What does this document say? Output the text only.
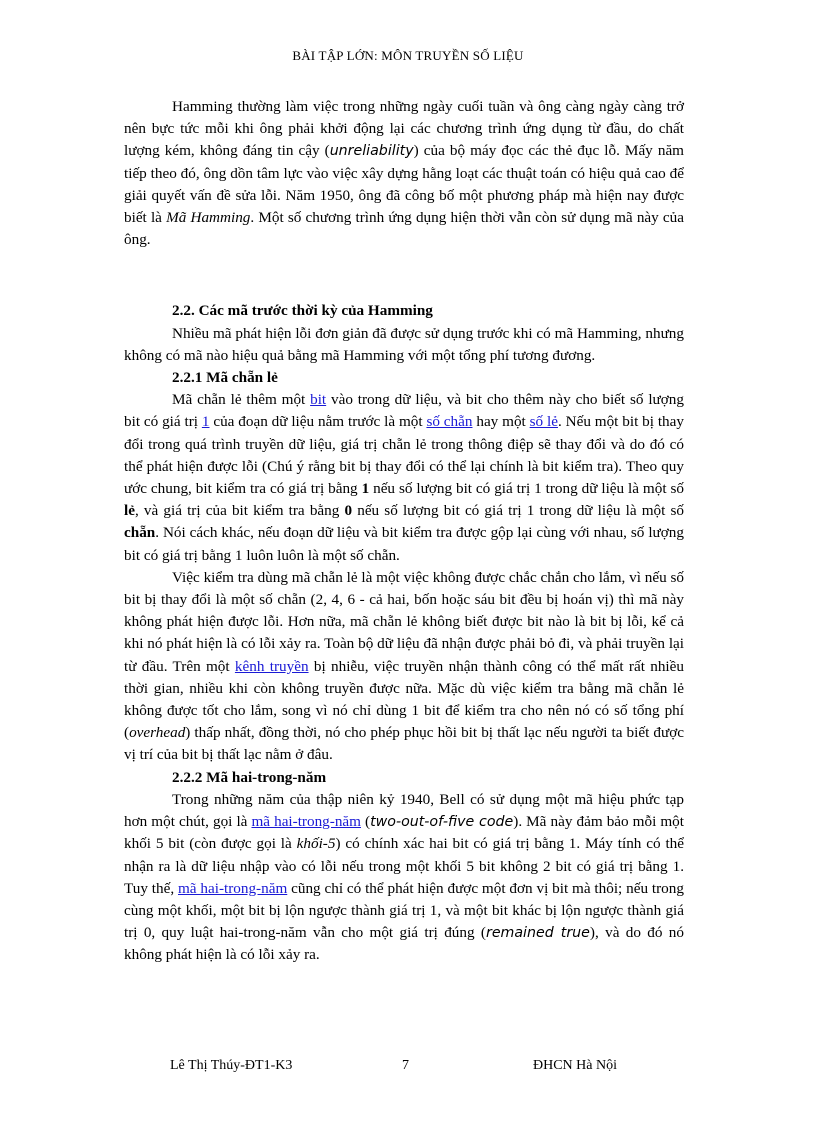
BÀI TẬP LỚN: MÔN TRUYỀN SỐ LIỆU

Hamming thường làm việc trong những ngày cuối tuần và ông càng ngày càng trở nên bực tức mỗi khi ông phải khởi động lại các chương trình ứng dụng từ đầu, do chất lượng kém, không đáng tin cậy (unreliability) của bộ máy đọc các thẻ đục lỗ. Mấy năm tiếp theo đó, ông dồn tâm lực vào việc xây dựng hằng loạt các thuật toán có hiệu quả cao để giải quyết vấn đề sửa lỗi. Năm 1950, ông đã công bố một phương pháp mà hiện nay được biết là Mã Hamming. Một số chương trình ứng dụng hiện thời vẫn còn sử dụng mã này của ông.

2.2. Các mã trước thời kỳ của Hamming

Nhiều mã phát hiện lỗi đơn giản đã được sử dụng trước khi có mã Hamming, nhưng không có mã nào hiệu quả bằng mã Hamming với một tổng phí tương đương.

2.2.1 Mã chẵn lẻ

Mã chẵn lẻ thêm một bit vào trong dữ liệu, và bit cho thêm này cho biết số lượng bit có giá trị 1 của đoạn dữ liệu nằm trước là một số chẵn hay một số lẻ. Nếu một bit bị thay đổi trong quá trình truyền dữ liệu, giá trị chẵn lẻ trong thông điệp sẽ thay đổi và do đó có thể phát hiện được lỗi (Chú ý rằng bit bị thay đổi có thể lại chính là bit kiểm tra). Theo quy ước chung, bit kiểm tra có giá trị bằng 1 nếu số lượng bit có giá trị 1 trong dữ liệu là một số lẻ, và giá trị của bit kiểm tra bằng 0 nếu số lượng bit có giá trị 1 trong dữ liệu là một số chẵn. Nói cách khác, nếu đoạn dữ liệu và bit kiểm tra được gộp lại cùng với nhau, số lượng bit có giá trị bằng 1 luôn luôn là một số chẵn.

Việc kiểm tra dùng mã chẵn lẻ là một việc không được chắc chắn cho lắm, vì nếu số bit bị thay đổi là một số chẵn (2, 4, 6 - cả hai, bốn hoặc sáu bit đều bị hoán vị) thì mã này không phát hiện được lỗi. Hơn nữa, mã chẵn lẻ không biết được bit nào là bit bị lỗi, kể cả khi nó phát hiện là có lỗi xảy ra. Toàn bộ dữ liệu đã nhận được phải bỏ đi, và phải truyền lại từ đầu. Trên một kênh truyền bị nhiễu, việc truyền nhận thành công có thể mất rất nhiều thời gian, nhiều khi còn không truyền được nữa. Mặc dù việc kiểm tra bằng mã chẵn lẻ không được tốt cho lắm, song vì nó chỉ dùng 1 bit để kiểm tra cho nên nó có số tổng phí (overhead) thấp nhất, đồng thời, nó cho phép phục hồi bit bị thất lạc nếu người ta biết được vị trí của bit bị thất lạc nằm ở đâu.

2.2.2 Mã hai-trong-năm

Trong những năm của thập niên kỷ 1940, Bell có sử dụng một mã hiệu phức tạp hơn một chút, gọi là mã hai-trong-năm (two-out-of-five code). Mã này đảm bảo mỗi một khối 5 bit (còn được gọi là khối-5) có chính xác hai bit có giá trị bằng 1. Máy tính có thể nhận ra là dữ liệu nhập vào có lỗi nếu trong một khối 5 bit không 2 bit có giá trị bằng 1. Tuy thế, mã hai-trong-năm cũng chỉ có thể phát hiện được một đơn vị bit mà thôi; nếu trong cùng một khối, một bit bị lộn ngược thành giá trị 1, và một bit khác bị lộn ngược thành giá trị 0, quy luật hai-trong-năm vẫn cho một giá trị đúng (remained true), và do đó nó không phát hiện là có lỗi xảy ra.

Lê Thị Thúy-ĐT1-K3	7	ĐHCN Hà Nội
